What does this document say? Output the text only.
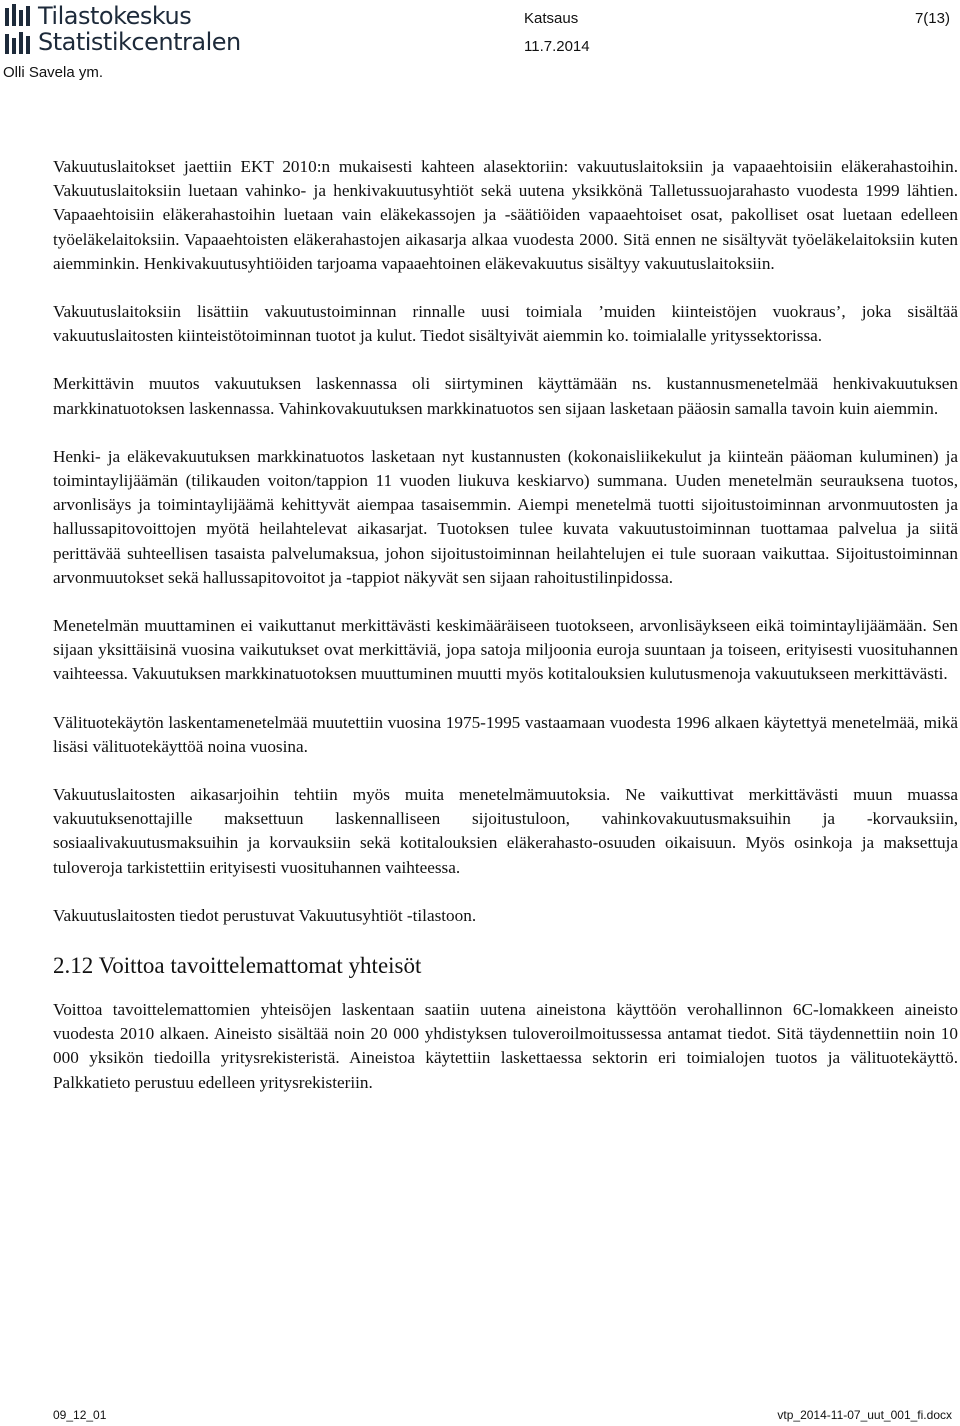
Tilastokeskus
Statistikcentralen

Olli Savela ym.
Katsaus
11.7.2014
7(13)

Vakuutuslaitokset jaettiin EKT 2010:n mukaisesti kahteen alasektoriin: vakuutuslaitoksiin ja vapaaehtoisiin eläkerahastoihin. Vakuutuslaitoksiin luetaan vahinko- ja henkivakuutusyhtiöt sekä uutena yksikkönä Talletussuojarahasto vuodesta 1999 lähtien. Vapaaehtoisiin eläkerahastoihin luetaan vain eläkekassojen ja -säätiöiden vapaaehtoiset osat, pakolliset osat luetaan edelleen työeläkelaitoksiin. Vapaaehtoisten eläkerahastojen aikasarja alkaa vuodesta 2000. Sitä ennen ne sisältyvät työeläkelaitoksiin kuten aiemminkin. Henkivakuutusyhtiöiden tarjoama vapaaehtoinen eläkevakuutus sisältyy vakuutuslaitoksiin.

Vakuutuslaitoksiin lisättiin vakuutustoiminnan rinnalle uusi toimiala ’muiden kiinteistöjen vuokraus’, joka sisältää vakuutuslaitosten kiinteistötoiminnan tuotot ja kulut. Tiedot sisältyivät aiemmin ko. toimialalle yrityssektorissa.

Merkittävin muutos vakuutuksen laskennassa oli siirtyminen käyttämään ns. kustannusmenetelmää henkivakuutuksen markkinatuotoksen laskennassa. Vahinkovakuutuksen markkinatuotos sen sijaan lasketaan pääosin samalla tavoin kuin aiemmin.

Henki- ja eläkevakuutuksen markkinatuotos lasketaan nyt kustannusten (kokonaisliikekulut ja kiinteän pääoman kuluminen) ja toimintaylijäämän (tilikauden voiton/tappion 11 vuoden liukuva keskiarvo) summana. Uuden menetelmän seurauksena tuotos, arvonlisäys ja toimintaylijäämä kehittyvät aiempaa tasaisemmin. Aiempi menetelmä tuotti sijoitustoiminnan arvonmuutosten ja hallussapitovoittojen myötä heilahtelevat aikasarjat. Tuotoksen tulee kuvata vakuutustoiminnan tuottamaa palvelua ja siitä perittävää suhteellisen tasaista palvelumaksua, johon sijoitustoiminnan heilahtelujen ei tule suoraan vaikuttaa. Sijoitustoiminnan arvonmuutokset sekä hallussapitovoitot ja -tappiot näkyvät sen sijaan rahoitustilinpidossa.

Menetelmän muuttaminen ei vaikuttanut merkittävästi keskimääräiseen tuotokseen, arvonlisäykseen eikä toimintaylijäämään. Sen sijaan yksittäisinä vuosina vaikutukset ovat merkittäviä, jopa satoja miljoonia euroja suuntaan ja toiseen, erityisesti vuosituhannen vaihteessa. Vakuutuksen markkinatuotoksen muuttuminen muutti myös kotitalouksien kulutusmenoja vakuutukseen merkittävästi.

Välituotekäytön laskentamenetelmää muutettiin vuosina 1975-1995 vastaamaan vuodesta 1996 alkaen käytettyä menetelmää, mikä lisäsi välituotekäyttöä noina vuosina.

Vakuutuslaitosten aikasarjoihin tehtiin myös muita menetelmämuutoksia. Ne vaikuttivat merkittävästi muun muassa vakuutuksenottajille maksettuun laskennalliseen sijoitustuloon, vahinkovakuutusmaksuihin ja -korvauksiin, sosiaalivakuutusmaksuihin ja korvauksiin sekä kotitalouksien eläkerahasto-osuuden oikaisuun. Myös osinkoja ja maksettuja tuloveroja tarkistettiin erityisesti vuosituhannen vaihteessa.

Vakuutuslaitosten tiedot perustuvat Vakuutusyhtiöt -tilastoon.

2.12 Voittoa tavoittelemattomat yhteisöt

Voittoa tavoittelemattomien yhteisöjen laskentaan saatiin uutena aineistona käyttöön verohallinnon 6C-lomakkeen aineisto vuodesta 2010 alkaen. Aineisto sisältää noin 20 000 yhdistyksen tuloveroilmoitussessa antamat tiedot. Sitä täydennettiin noin 10 000 yksikön tiedoilla yritysrekisteristä. Aineistoa käytettiin laskettaessa sektorin eri toimialojen tuotos ja välituotekäyttö. Palkkatieto perustuu edelleen yritysrekisteriin.

09_12_01	vtp_2014-11-07_uut_001_fi.docx
